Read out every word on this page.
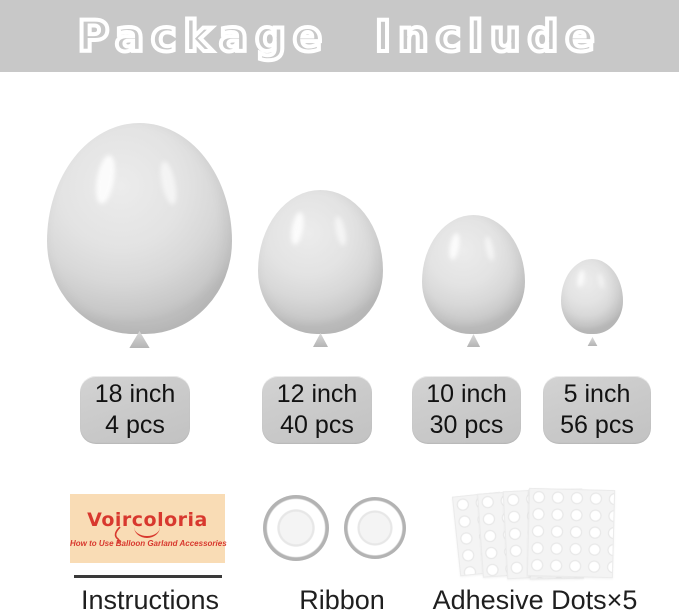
Package Include
18 inch
4 pcs
12 inch
40 pcs
10 inch
30 pcs
5 inch
56 pcs
Voircoloria
How to Use Balloon Garland Accessories
Instructions	Ribbon	Adhesive Dots×5
